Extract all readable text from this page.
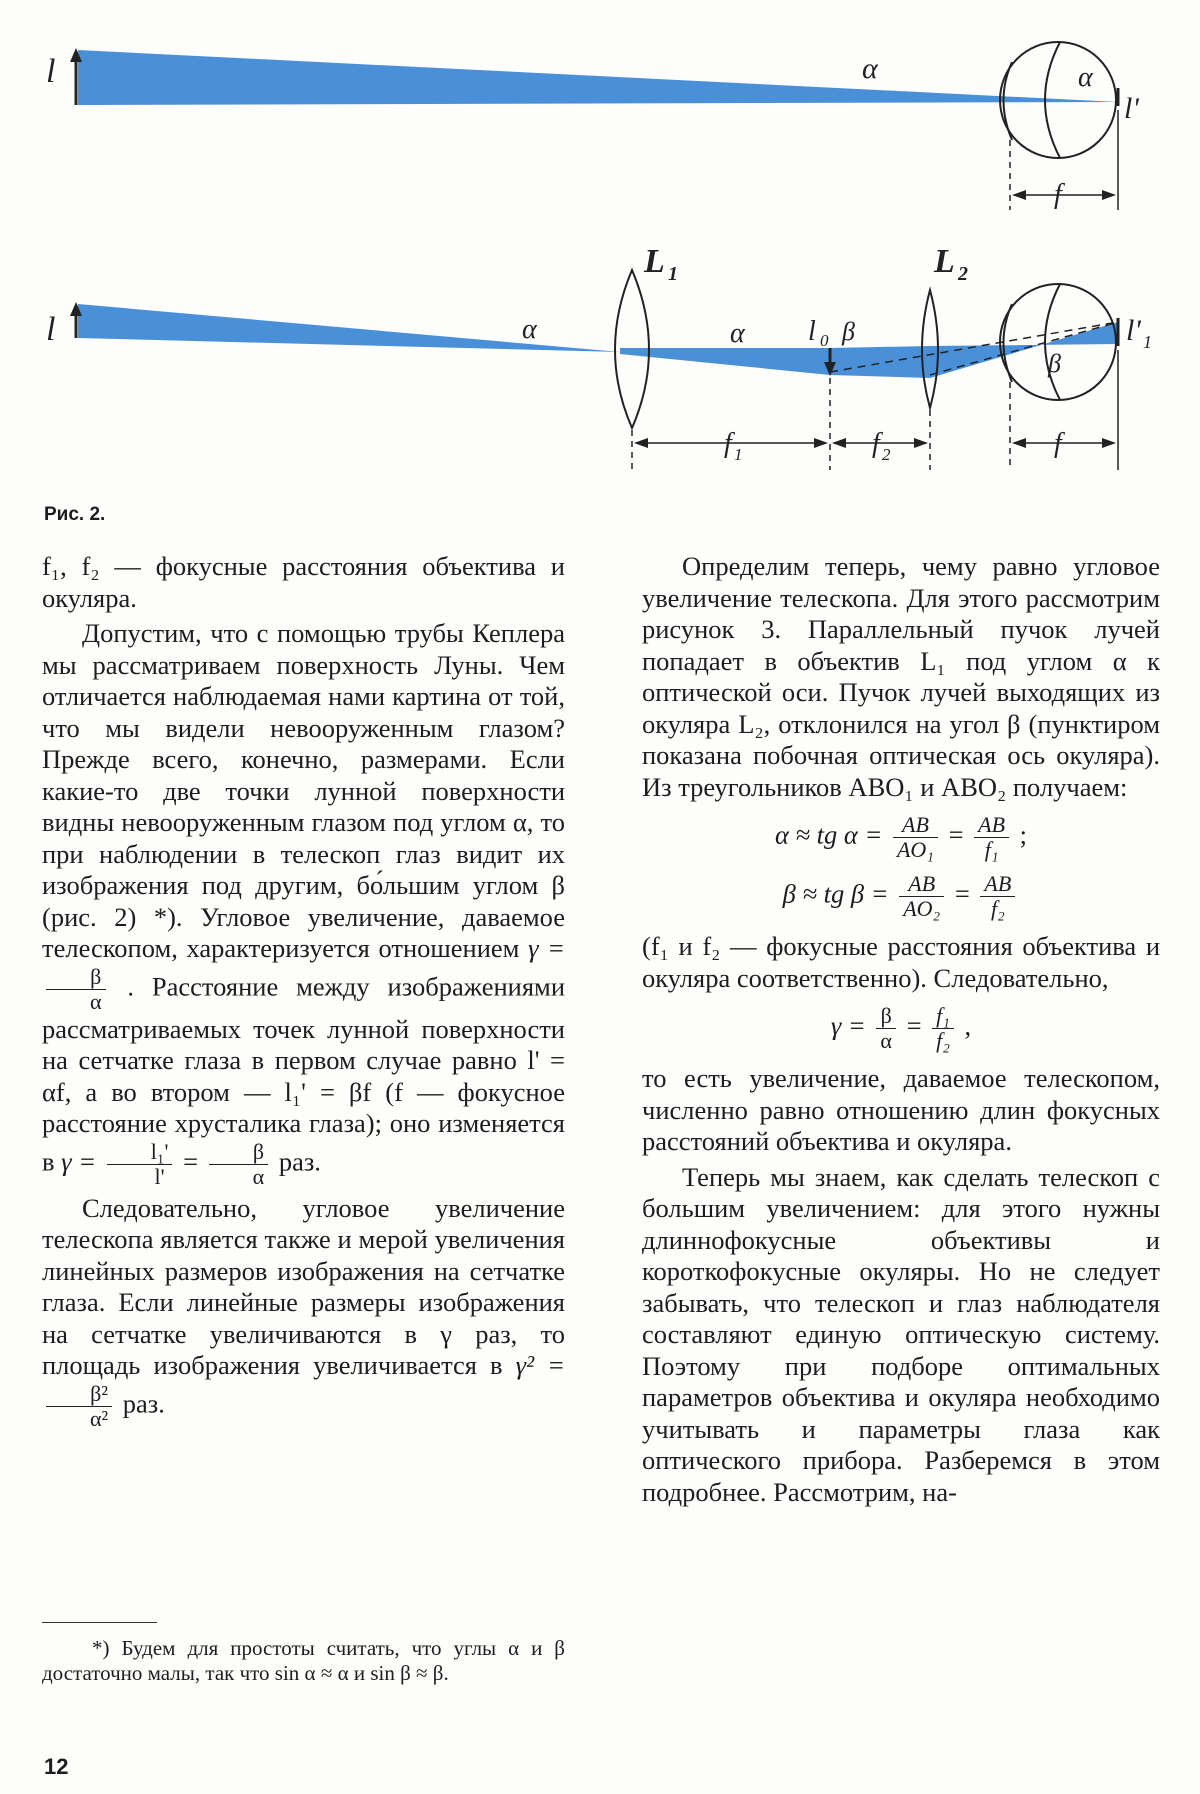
l	α	α
l'
f
l
L 1	L 2
α	α l 0 β
β
l' 1
f 1	f 2	f
Рис. 2.

f₁, f₂ — фокусные расстояния объектива и окуляра.

Допустим, что с помощью трубы Кеплера мы рассматриваем поверхность Луны. Чем отличается наблюдаемая нами картина от той, что мы видели невооруженным глазом? Прежде всего, конечно, размерами. Если какие-то две точки лунной поверхности видны невооруженным глазом под углом α, то при наблюдении в телескоп глаз видит их изображения под другим, бо́льшим углом β (рис. 2) *). Угловое увеличение, даваемое телескопом, характеризуется отношением γ =
$\frac{\beta}{\alpha}$ . Расстояние между изображениями рассматриваемых точек лунной поверхности на сетчатке глаза в первом случае равно l' = αf, а во втором — l₁' = βf (f — фокусное расстояние хрусталика глаза); оно изменяется в $\gamma = \frac{\text{l₁'}}{l'} = \frac{\beta}{\alpha}$ раз.

Следовательно, угловое увеличение телескопа является также и мерой увеличения линейных размеров изображения на сетчатке глаза. Если линейные размеры изображения на сетчатке увеличиваются в γ раз, то площадь изображения увеличивается в γ² =
$\frac{\text{β²}}{\text{α²}}$ раз.

*) Будем для простоты считать, что углы α и β достаточно малы, так что sin α ≈ α и sin β ≈ β.

Определим теперь, чему равно угловое увеличение телескопа. Для этого рассмотрим рисунок 3. Параллельный пучок лучей попадает в объектив L₁ под углом α к оптической оси. Пучок лучей выходящих из окуляра L₂, отклонился на угол β (пунктиром показана побочная оптическая ось окуляра). Из треугольников ABO₁ и ABO₂ получаем:

α ≈ tg $\alpha = \frac{AB}{\text{AO₁}} = \frac{AB}{\text{f₁}}$ ;
β ≈ tg $\beta = \frac{AB}{\text{AO₂}} = \frac{AB}{\text{f₂}}$

(f₁ и f₂ — фокусные расстояния объектива и окуляра соответственно). Следовательно,

$\gamma = \frac{\beta}{\alpha} = \frac{\text{f₁}}{\text{f₂}}$ ,

то есть увеличение, даваемое телескопом, численно равно отношению длин фокусных расстояний объектива и окуляра.

Теперь мы знаем, как сделать телескоп с большим увеличением: для этого нужны длиннофокусные объективы и короткофокусные окуляры. Но не следует забывать, что телескоп и глаз наблюдателя составляют единую оптическую систему. Поэтому при подборе оптимальных параметров объектива и окуляра необходимо учитывать и параметры глаза как оптического прибора. Разберемся в этом подробнее. Рассмотрим, на-

12
